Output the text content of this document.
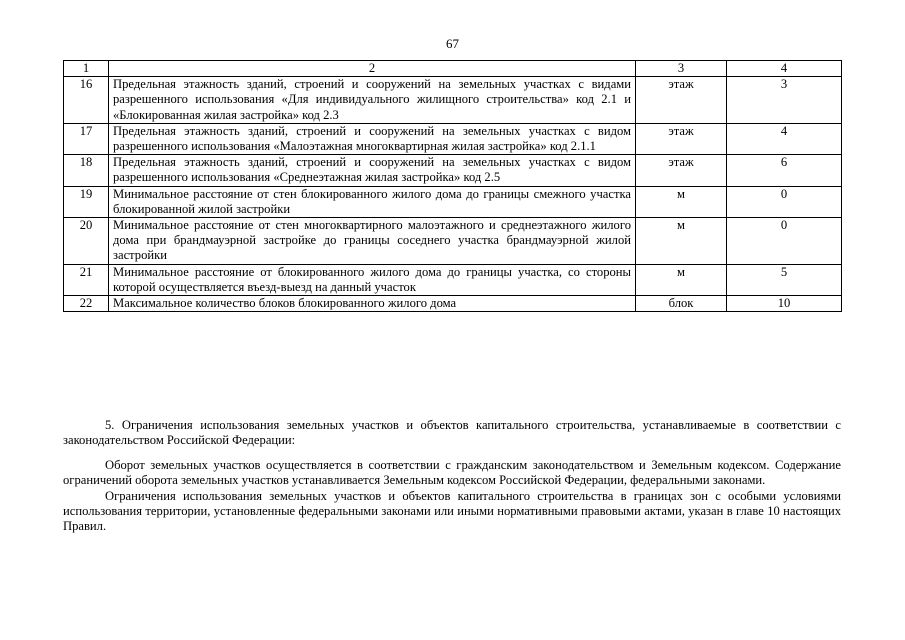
67
1	2	3	4
16	Предельная этажность зданий, строений и сооружений на земельных участках с видами разрешенного использования «Для индивидуального жилищного строительства» код 2.1 и «Блокированная жилая застройка» код 2.3	этаж	3
17	Предельная этажность зданий, строений и сооружений на земельных участках с видом разрешенного использования «Малоэтажная многоквартирная жилая застройка» код 2.1.1	этаж	4
18	Предельная этажность зданий, строений и сооружений на земельных участках с видом разрешенного использования «Среднеэтажная жилая застройка» код 2.5	этаж	6
19	Минимальное расстояние от стен блокированного жилого дома до границы смежного участка блокированной жилой застройки	м	0
20	Минимальное расстояние от стен многоквартирного малоэтажного и среднеэтажного жилого дома при брандмауэрной застройке до границы соседнего участка брандмауэрной жилой застройки	м	0
21	Минимальное расстояние от блокированного жилого дома до границы участка, со стороны которой осуществляется въезд-выезд на данный участок	м	5
22	Максимальное количество блоков блокированного жилого дома	блок	10

5. Ограничения использования земельных участков и объектов капитального строительства, устанавливаемые в соответствии с законодательством Российской Федерации:

Оборот земельных участков осуществляется в соответствии с гражданским законодательством и Земельным кодексом. Содержание ограничений оборота земельных участков устанавливается Земельным кодексом Российской Федерации, федеральными законами.

Ограничения использования земельных участков и объектов капитального строительства в границах зон с особыми условиями использования территории, установленные федеральными законами или иными нормативными правовыми актами, указан в главе 10 настоящих Правил.
